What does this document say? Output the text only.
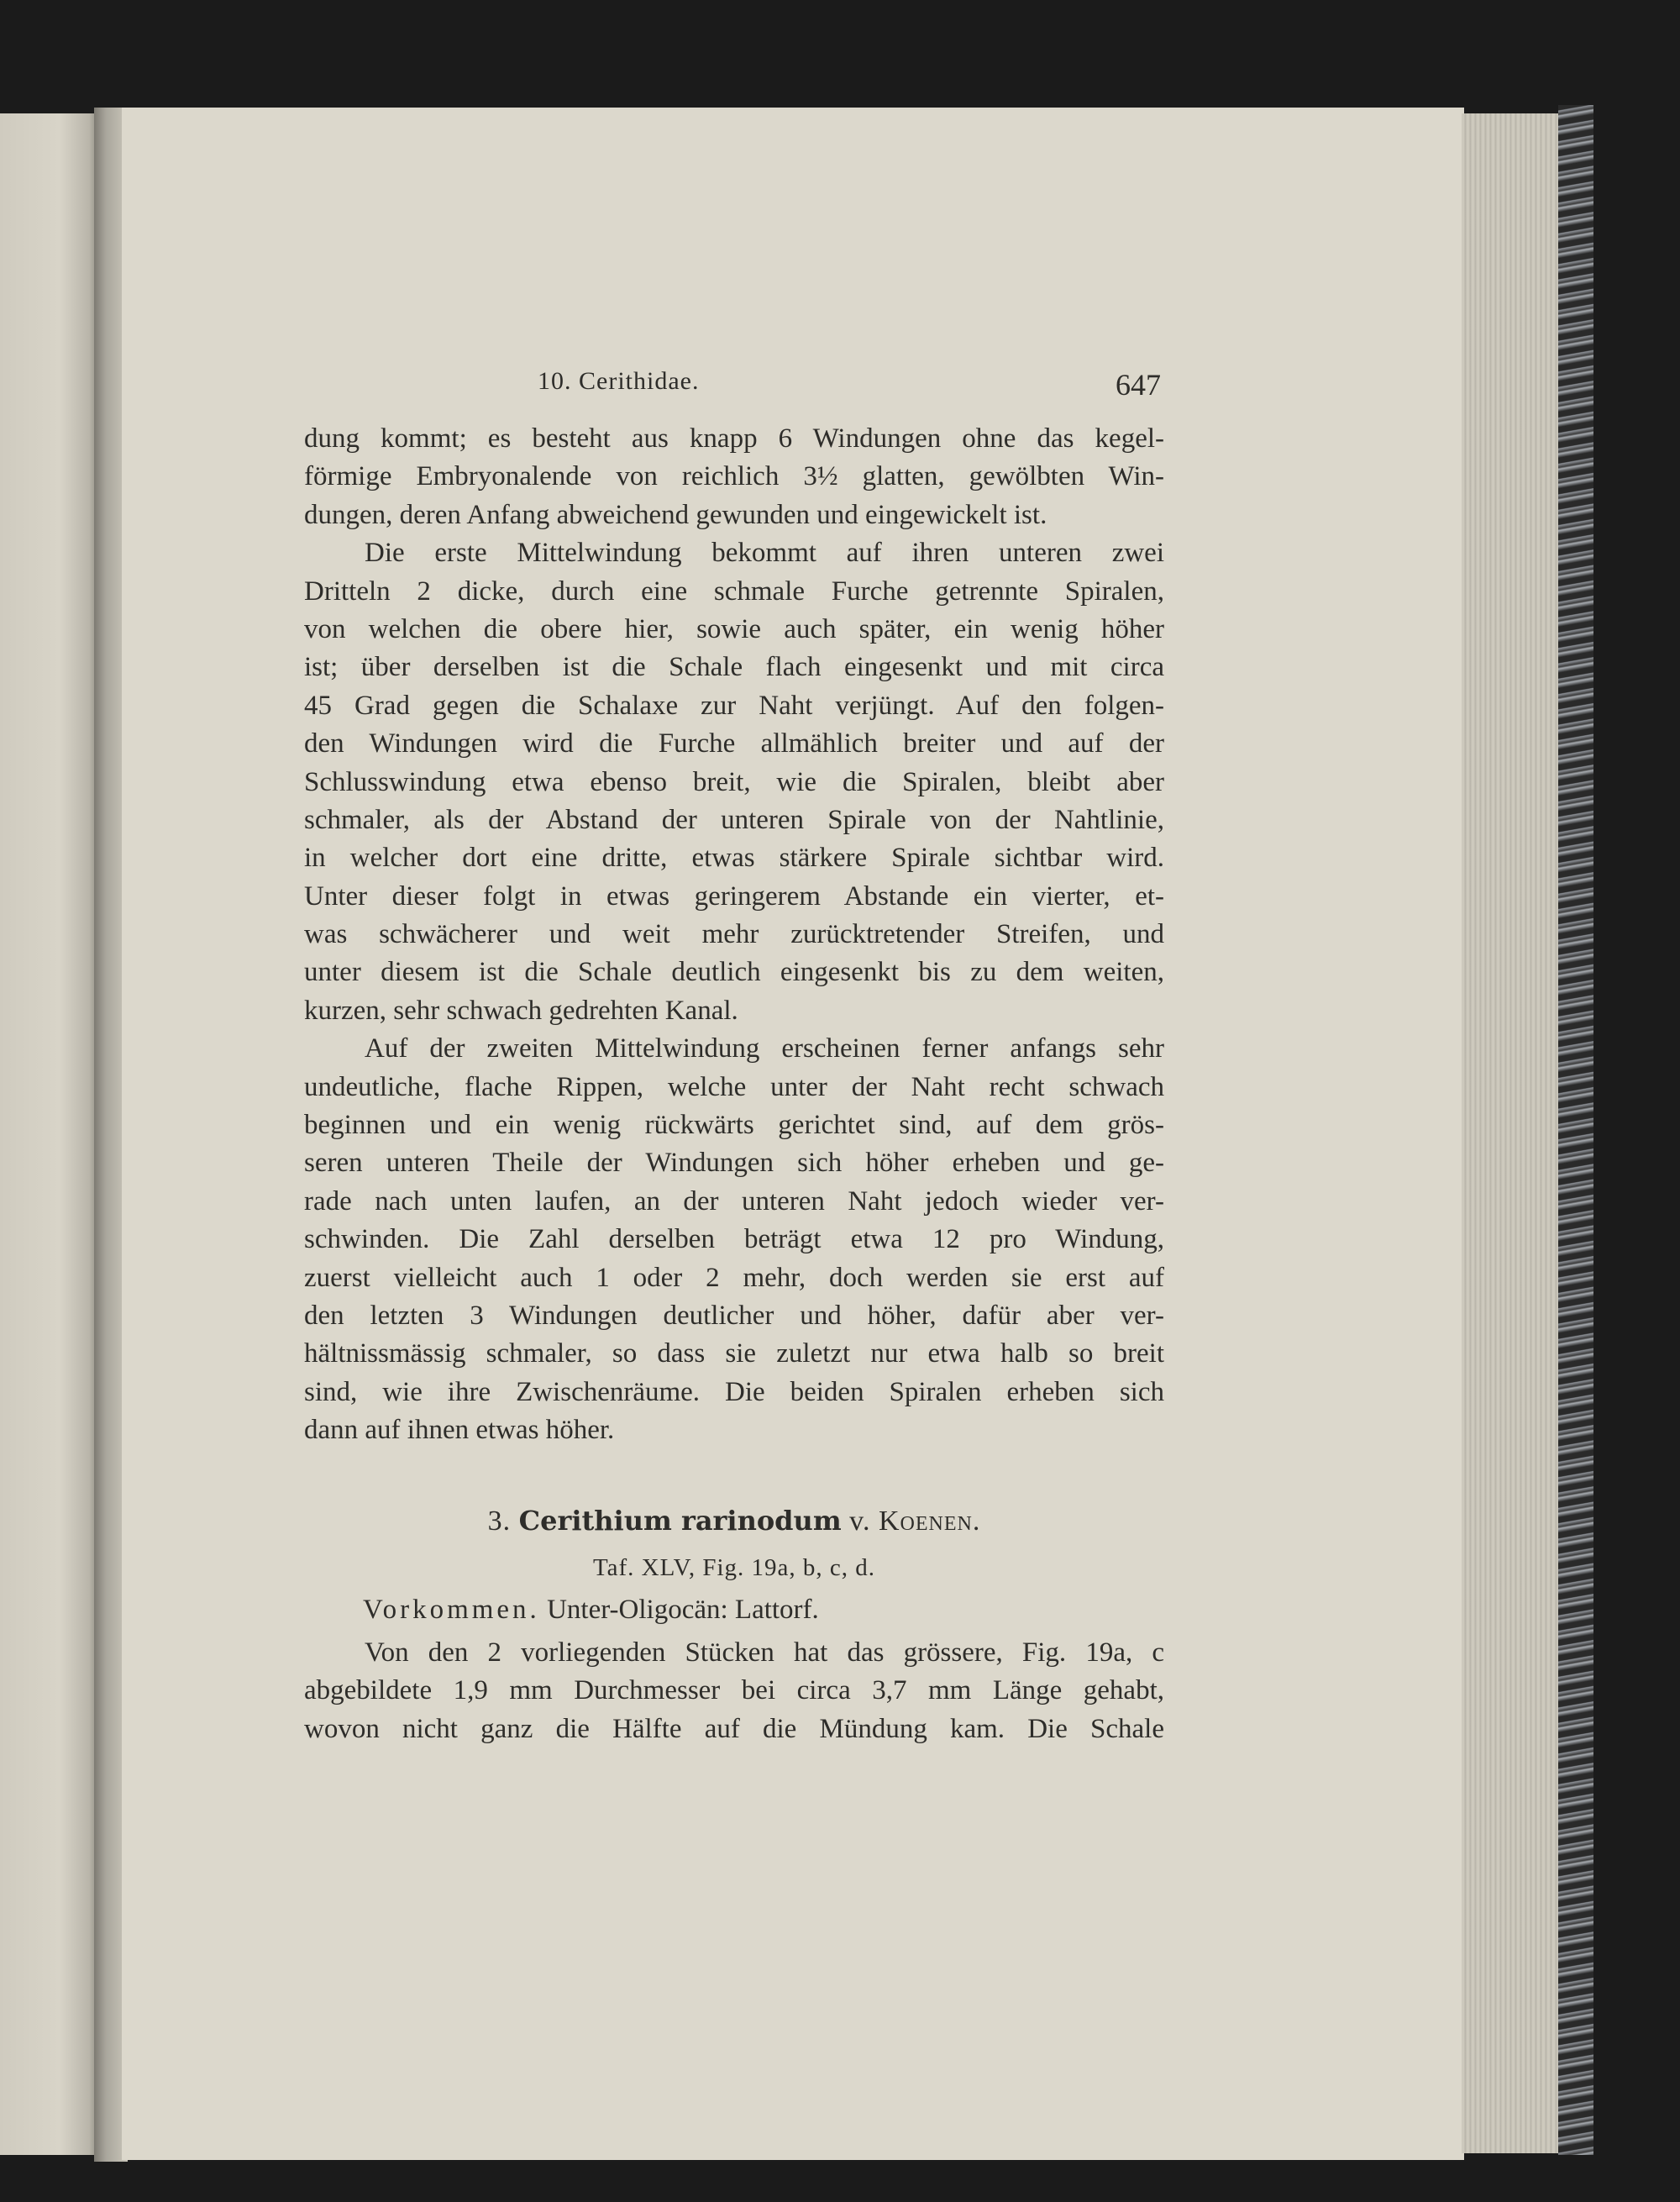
10. Cerithidae.	647
dung kommt; es besteht aus knapp 6 Windungen ohne das kegel-
förmige Embryonalende von reichlich 3½ glatten, gewölbten Win-
dungen, deren Anfang abweichend gewunden und eingewickelt ist.
Die erste Mittelwindung bekommt auf ihren unteren zwei
Dritteln 2 dicke, durch eine schmale Furche getrennte Spiralen,
von welchen die obere hier, sowie auch später, ein wenig höher
ist; über derselben ist die Schale flach eingesenkt und mit circa
45 Grad gegen die Schalaxe zur Naht verjüngt. Auf den folgen-
den Windungen wird die Furche allmählich breiter und auf der
Schlusswindung etwa ebenso breit, wie die Spiralen, bleibt aber
schmaler, als der Abstand der unteren Spirale von der Nahtlinie,
in welcher dort eine dritte, etwas stärkere Spirale sichtbar wird.
Unter dieser folgt in etwas geringerem Abstande ein vierter, et-
was schwächerer und weit mehr zurücktretender Streifen, und
unter diesem ist die Schale deutlich eingesenkt bis zu dem weiten,
kurzen, sehr schwach gedrehten Kanal.
Auf der zweiten Mittelwindung erscheinen ferner anfangs sehr
undeutliche, flache Rippen, welche unter der Naht recht schwach
beginnen und ein wenig rückwärts gerichtet sind, auf dem grös-
seren unteren Theile der Windungen sich höher erheben und ge-
rade nach unten laufen, an der unteren Naht jedoch wieder ver-
schwinden. Die Zahl derselben beträgt etwa 12 pro Windung,
zuerst vielleicht auch 1 oder 2 mehr, doch werden sie erst auf
den letzten 3 Windungen deutlicher und höher, dafür aber ver-
hältnissmässig schmaler, so dass sie zuletzt nur etwa halb so breit
sind, wie ihre Zwischenräume. Die beiden Spiralen erheben sich
dann auf ihnen etwas höher.
3. Cerithium rarinodum v. Koenen.
Taf. XLV, Fig. 19a, b, c, d.
Vorkommen. Unter-Oligocän: Lattorf.
Von den 2 vorliegenden Stücken hat das grössere, Fig. 19a, c
abgebildete 1,9 mm Durchmesser bei circa 3,7 mm Länge gehabt,
wovon nicht ganz die Hälfte auf die Mündung kam. Die Schale
